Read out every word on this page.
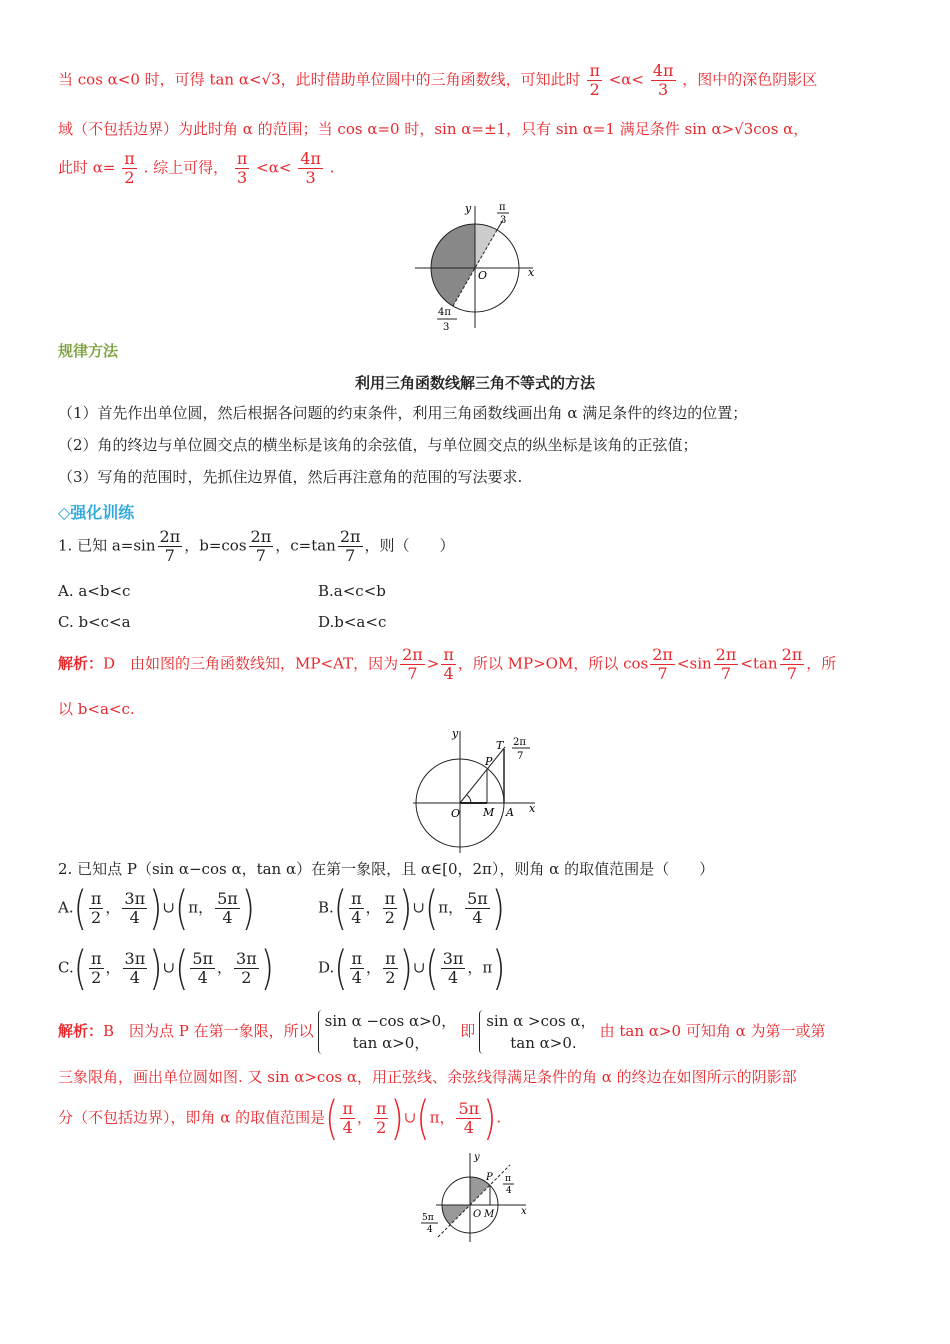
当 cos α<0 时，可得 tan α<√3，此时借助单位圆中的三角函数线，可知此时 $\frac{\pi}{2} <\alpha< \frac{4\pi}{3}$ ，图中的深色阴影区
域（不包括边界）为此时角 α 的范围；当 cos α=0 时，sin α=±1，只有 sin α=1 满足条件 sin α>√3cos α，
此时 $\alpha= \frac{\pi}{2}$ . 综上可得， $\frac{\pi}{3} <\alpha< \frac{4\pi}{3}$ .
y
x
O
π
3
4π
3
规律方法
利用三角函数线解三角不等式的方法
（1）首先作出单位圆，然后根据各问题的约束条件，利用三角函数线画出角 α 满足条件的终边的位置；
（2）角的终边与单位圆交点的横坐标是该角的余弦值，与单位圆交点的纵坐标是该角的正弦值；
（3）写角的范围时，先抓住边界值，然后再注意角的范围的写法要求.
◇强化训练
1. 已知 $a=\sin \frac{2\pi}{7}$ ，$b=\cos \frac{2\pi}{7}$ ，$c=\tan \frac{2\pi}{7}$ ，则（　　）
A. a<b<c	B.a<c<b
C. b<c<a	D.b<a<c
解析：D　由如图的三角函数线知，MP<AT，因为 $\frac{2\pi}{7} > \frac{\pi}{4}$ ，所以 MP>OM，所以 $\cos \frac{2\pi}{7} <\sin \frac{2\pi}{7} <\tan \frac{2\pi}{7}$ ，所
以 b<a<c.
y
x
O M A
P
T 2π
7
2. 已知点 P（sin α−cos α，tan α）在第一象限，且 α∈[0，2π），则角 α 的取值范围是（　　）
$A.( \frac{\pi}{2}$ ， $\frac{3\pi}{4}$ )∪(π， $\frac{5\pi}{4}$ )	$B.( \frac{\pi}{4}$ ， $\frac{\pi}{2}$ )∪(π， $\frac{5\pi}{4}$ )
$C.( \frac{\pi}{2}$ ， $\frac{3\pi}{4}$ )∪( $\frac{5\pi}{4}$ ， $\frac{3\pi}{2}$ )	$D.( \frac{\pi}{4}$ ， $\frac{\pi}{2}$ )∪( $\frac{3\pi}{4}$ ，π)
解析：B　因为点 P 在第一象限，所以
sin α −cos α>0，
tan α>0，
即
sin α >cos α，
tan α>0.
由 tan α>0 可知角 α 为第一或第
三象限角，画出单位圆如图. 又 sin α>cos α，用正弦线、余弦线得满足条件的角 α 的终边在如图所示的阴影部
分（不包括边界），即角 α 的取值范围是( $\frac{\pi}{4}$ ， $\frac{\pi}{2}$ )∪(π， $\frac{5\pi}{4}$ ).
y
x
O M
P π
4
5π
4
